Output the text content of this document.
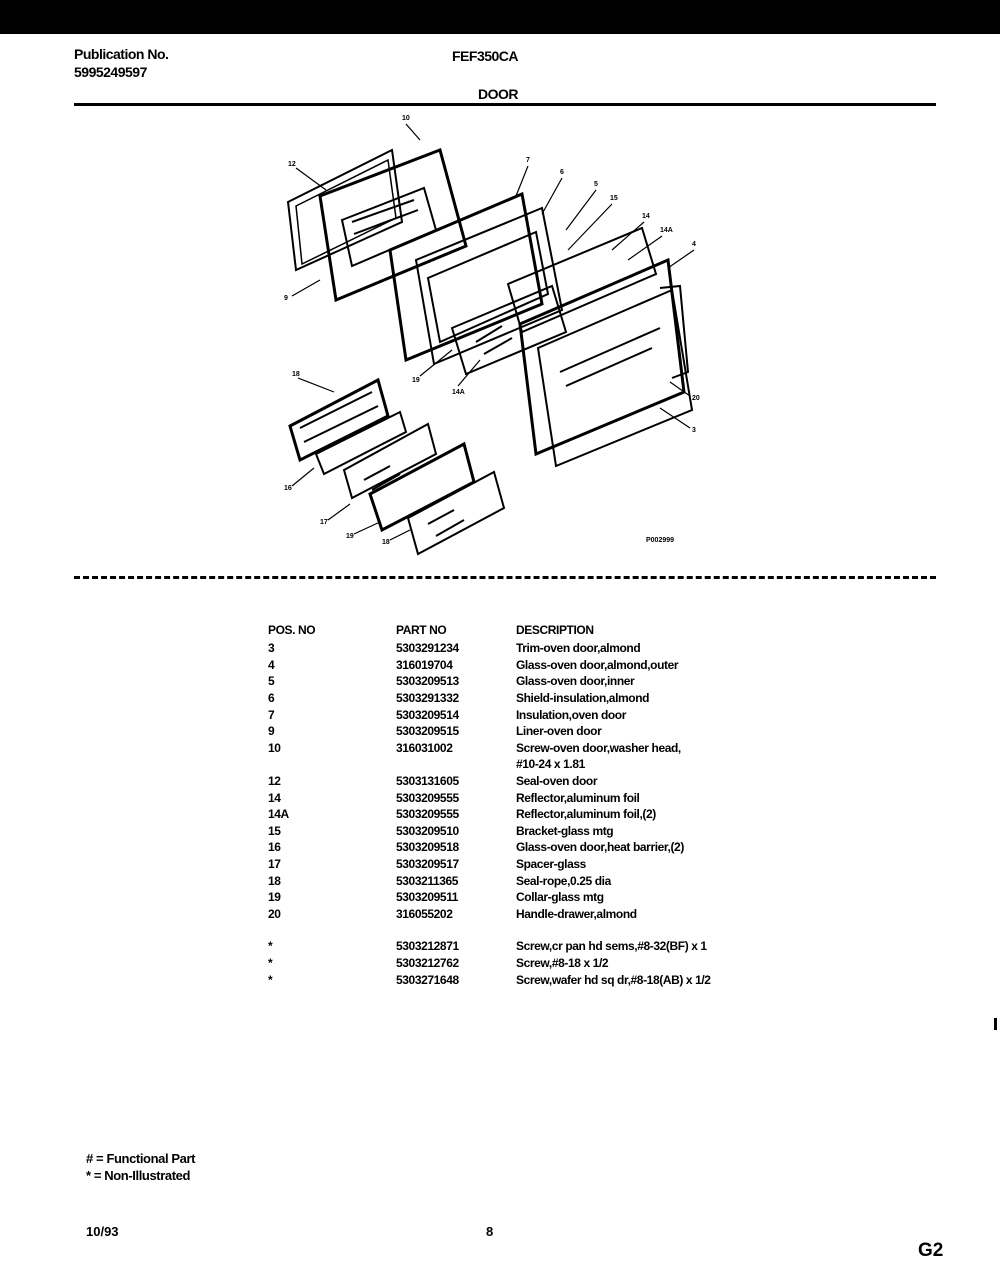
Publication No.
5995249597
FEF350CA
DOOR
10
12
9
7
6
5
15
14
14A
4
14A
19
20
3
18
16
17
19
18	P002999
POS. NO	PART NO	DESCRIPTION
3	5303291234	Trim-oven door,almond
4	316019704	Glass-oven door,almond,outer
5	5303209513	Glass-oven door,inner
6	5303291332	Shield-insulation,almond
7	5303209514	Insulation,oven door
9	5303209515	Liner-oven door
10	316031002	Screw-oven door,washer head,
#10-24 x 1.81
12	5303131605	Seal-oven door
14	5303209555	Reflector,aluminum foil
14A	5303209555	Reflector,aluminum foil,(2)
15	5303209510	Bracket-glass mtg
16	5303209518	Glass-oven door,heat barrier,(2)
17	5303209517	Spacer-glass
18	5303211365	Seal-rope,0.25 dia
19	5303209511	Collar-glass mtg
20	316055202	Handle-drawer,almond
*	5303212871	Screw,cr pan hd sems,#8-32(BF) x 1
*	5303212762	Screw,#8-18 x 1/2
*	5303271648	Screw,wafer hd sq dr,#8-18(AB) x 1/2
# = Functional Part
* = Non-Illustrated
10/93	8
G2
